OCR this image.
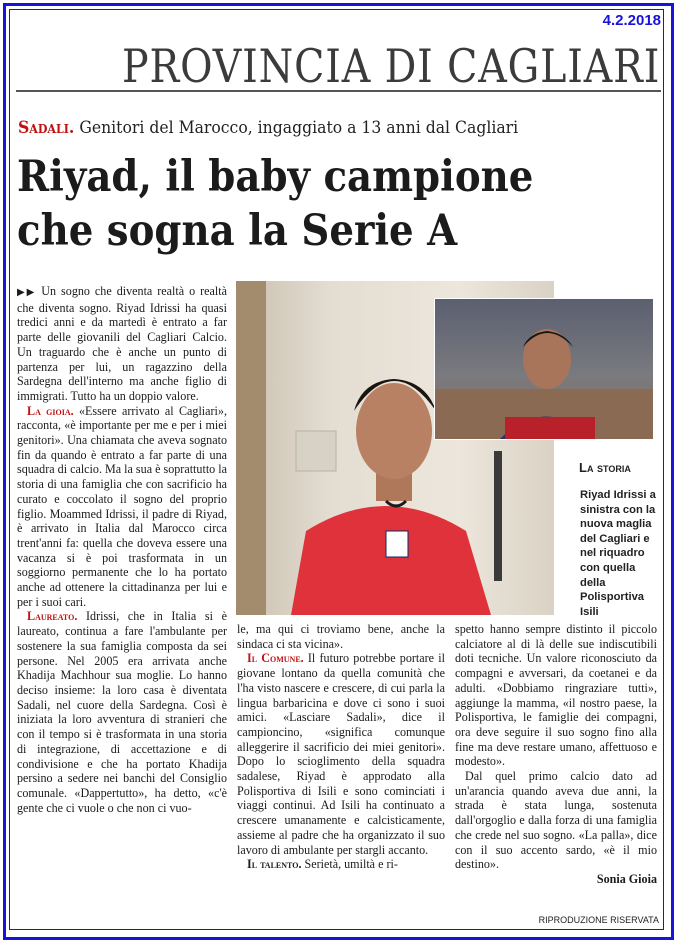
4.2.2018
PROVINCIA DI CAGLIARI
Sadali. Genitori del Marocco, ingaggiato a 13 anni dal Cagliari
Riyad, il baby campione
che sogna la Serie A

▶▶ Un sogno che diventa realtà o realtà che diventa sogno. Riyad Idrissi ha quasi tredici anni e da martedì è entrato a far parte delle giovanili del Cagliari Calcio. Un traguardo che è anche un punto di partenza per lui, un ragazzino della Sardegna dell'interno ma anche figlio di immigrati. Tutto ha un doppio valore.

La gioia. «Essere arrivato al Cagliari», racconta, «è importante per me e per i miei genitori». Una chiamata che aveva sognato fin da quando è entrato a far parte di una squadra di calcio. Ma la sua è soprattutto la storia di una famiglia che con sacrificio ha curato e coccolato il sogno del proprio figlio. Moammed Idrissi, il padre di Riyad, è arrivato in Italia dal Marocco circa trent'anni fa: quella che doveva essere una vacanza si è poi trasformata in un soggiorno permanente che lo ha portato anche ad ottenere la cittadinanza per lui e per i suoi cari.

Laureato. Idrissi, che in Italia si è laureato, continua a fare l'ambulante per sostenere la sua famiglia composta da sei persone. Nel 2005 era arrivata anche Khadija Machhour sua moglie. Lo hanno deciso insieme: la loro casa è diventata Sadali, nel cuore della Sardegna. Così è iniziata la loro avventura di stranieri che con il tempo si è trasformata in una storia di integrazione, di accettazione e di condivisione e che ha portato Khadija persino a sedere nei banchi del Consiglio comunale. «Dappertutto», ha detto, «c'è gente che ci vuole o che non ci vuo-

La storia
Riyad Idrissi a sinistra con la nuova maglia del Cagliari e nel riquadro con quella della Polisportiva Isili

le, ma qui ci troviamo bene, anche la sindaca ci sta vicina».

Il Comune. Il futuro potrebbe portare il giovane lontano da quella comunità che l'ha visto nascere e crescere, di cui parla la lingua barbaricina e dove ci sono i suoi amici. «Lasciare Sadali», dice il campioncino, «significa comunque alleggerire il sacrificio dei miei genitori». Dopo lo scioglimento della squadra sadalese, Riyad è approdato alla Polisportiva di Isili e sono cominciati i viaggi continui. Ad Isili ha continuato a crescere umanamente e calcisticamente, assieme al padre che ha organizzato il suo lavoro di ambulante per stargli accanto.

Il talento. Serietà, umiltà e ri-

spetto hanno sempre distinto il piccolo calciatore al di là delle sue indiscutibili doti tecniche. Un valore riconosciuto da compagni e avversari, da coetanei e da adulti. «Dobbiamo ringraziare tutti», aggiunge la mamma, «il nostro paese, la Polisportiva, le famiglie dei compagni, ora deve seguire il suo sogno fino alla fine ma deve restare umano, affettuoso e modesto».

Dal quel primo calcio dato ad un'arancia quando aveva due anni, la strada è stata lunga, sostenuta dall'orgoglio e dalla forza di una famiglia che crede nel suo sogno. «La palla», dice con il suo accento sardo, «è il mio destino».

Sonia Gioia

RIPRODUZIONE RISERVATA
